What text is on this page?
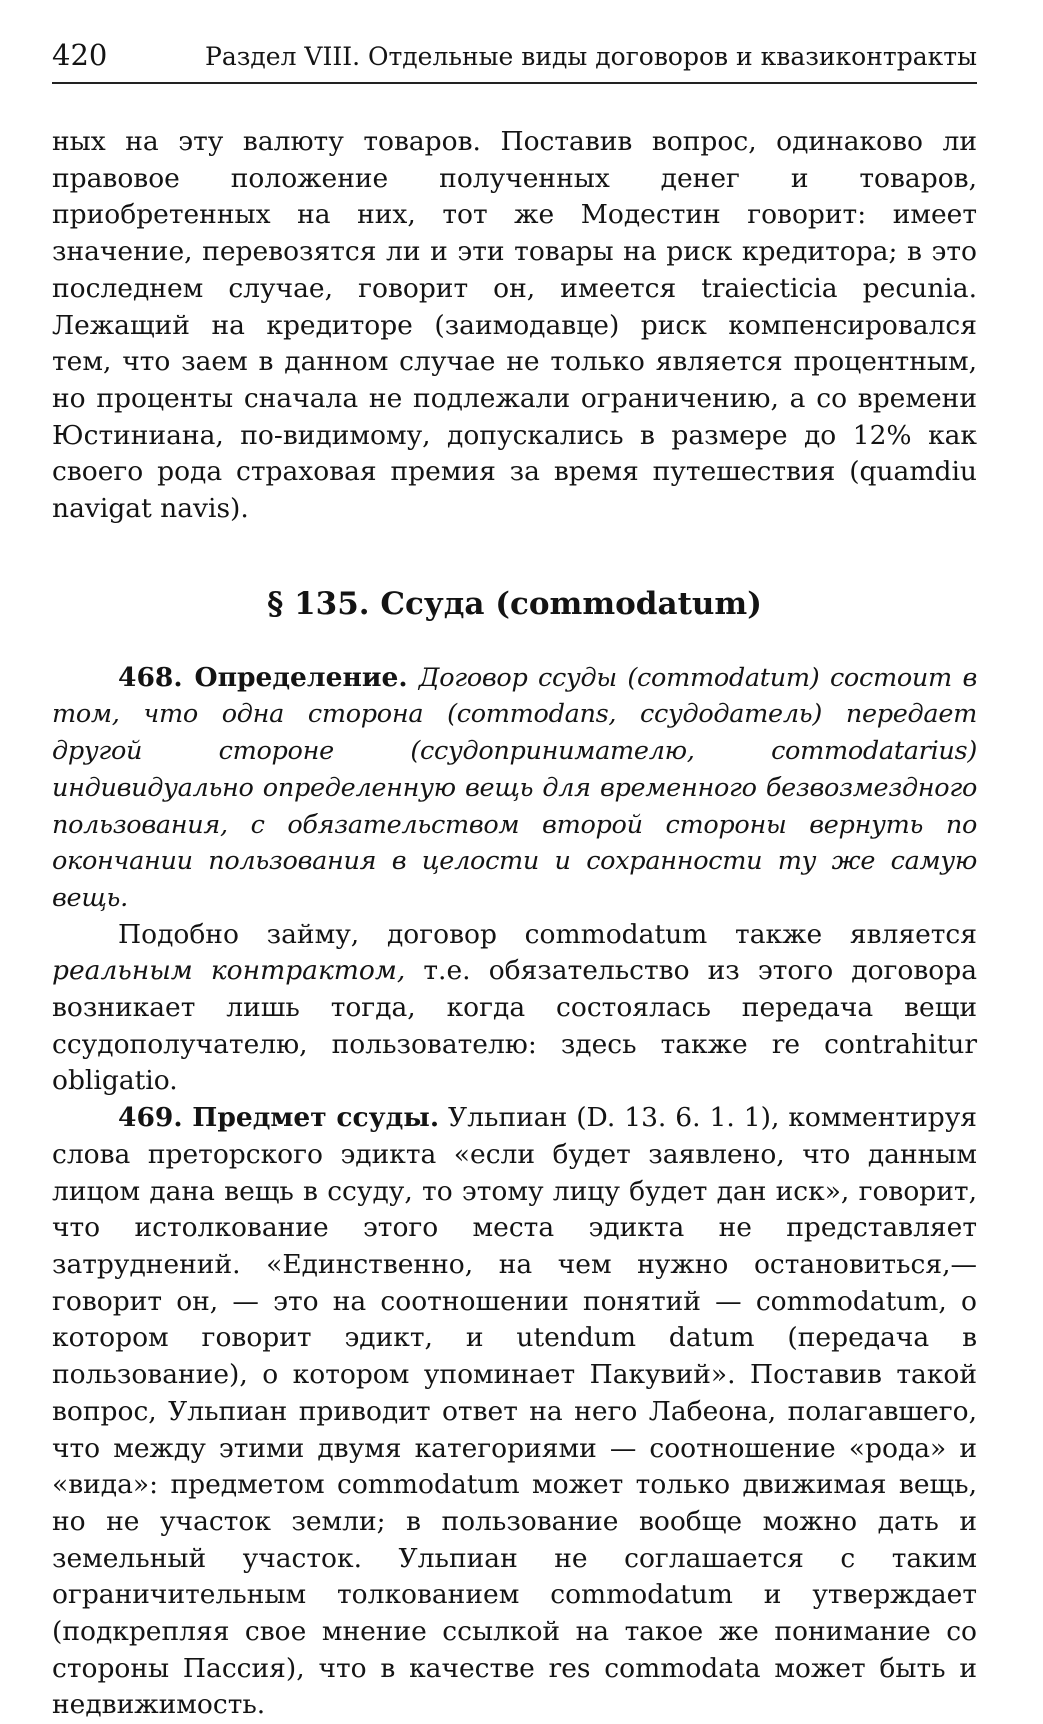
420	Раздел VIII. Отдельные виды договоров и квазиконтракты

ных на эту валюту товаров. Поставив вопрос, одинаково ли правовое положение полученных денег и товаров, приобретенных на них, тот же Модестин говорит: имеет значение, перевозятся ли и эти товары на риск кредитора; в это последнем случае, говорит он, имеется traiecticia pecunia. Лежащий на кредиторе (заимодавце) риск компенсировался тем, что заем в данном случае не только является процентным, но проценты сначала не подлежали ограничению, а со времени Юстиниана, по-видимому, допускались в размере до 12% как своего рода страховая премия за время путешествия (quamdiu navigat navis).

§ 135. Ссуда (commodatum)

468. Определение. Договор ссуды (commodatum) состоит в том, что одна сторона (commodans, ссудодатель) передает другой стороне (ссудопринимателю, commodatarius) индивидуально определенную вещь для временного безвозмездного пользования, с обязательством второй стороны вернуть по окончании пользования в целости и сохранности ту же самую вещь.

Подобно займу, договор commodatum также является реальным контрактом, т.е. обязательство из этого договора возникает лишь тогда, когда состоялась передача вещи ссудополучателю, пользователю: здесь также re contrahitur obligatio.

469. Предмет ссуды. Ульпиан (D. 13. 6. 1. 1), комментируя слова преторского эдикта «если будет заявлено, что данным лицом дана вещь в ссуду, то этому лицу будет дан иск», говорит, что истолкование этого места эдикта не представляет затруднений. «Единственно, на чем нужно остановиться,— говорит он, — это на соотношении понятий — commodatum, о котором говорит эдикт, и utendum datum (передача в пользование), о котором упоминает Пакувий». Поставив такой вопрос, Ульпиан приводит ответ на него Лабеона, полагавшего, что между этими двумя категориями — соотношение «рода» и «вида»: предметом commodatum может только движимая вещь, но не участок земли; в пользование вообще можно дать и земельный участок. Ульпиан не соглашается с таким ограничительным толкованием commodatum и утверждает (подкрепляя свое мнение ссылкой на такое же понимание со стороны Пассия), что в качестве res commodata может быть и недвижимость.
